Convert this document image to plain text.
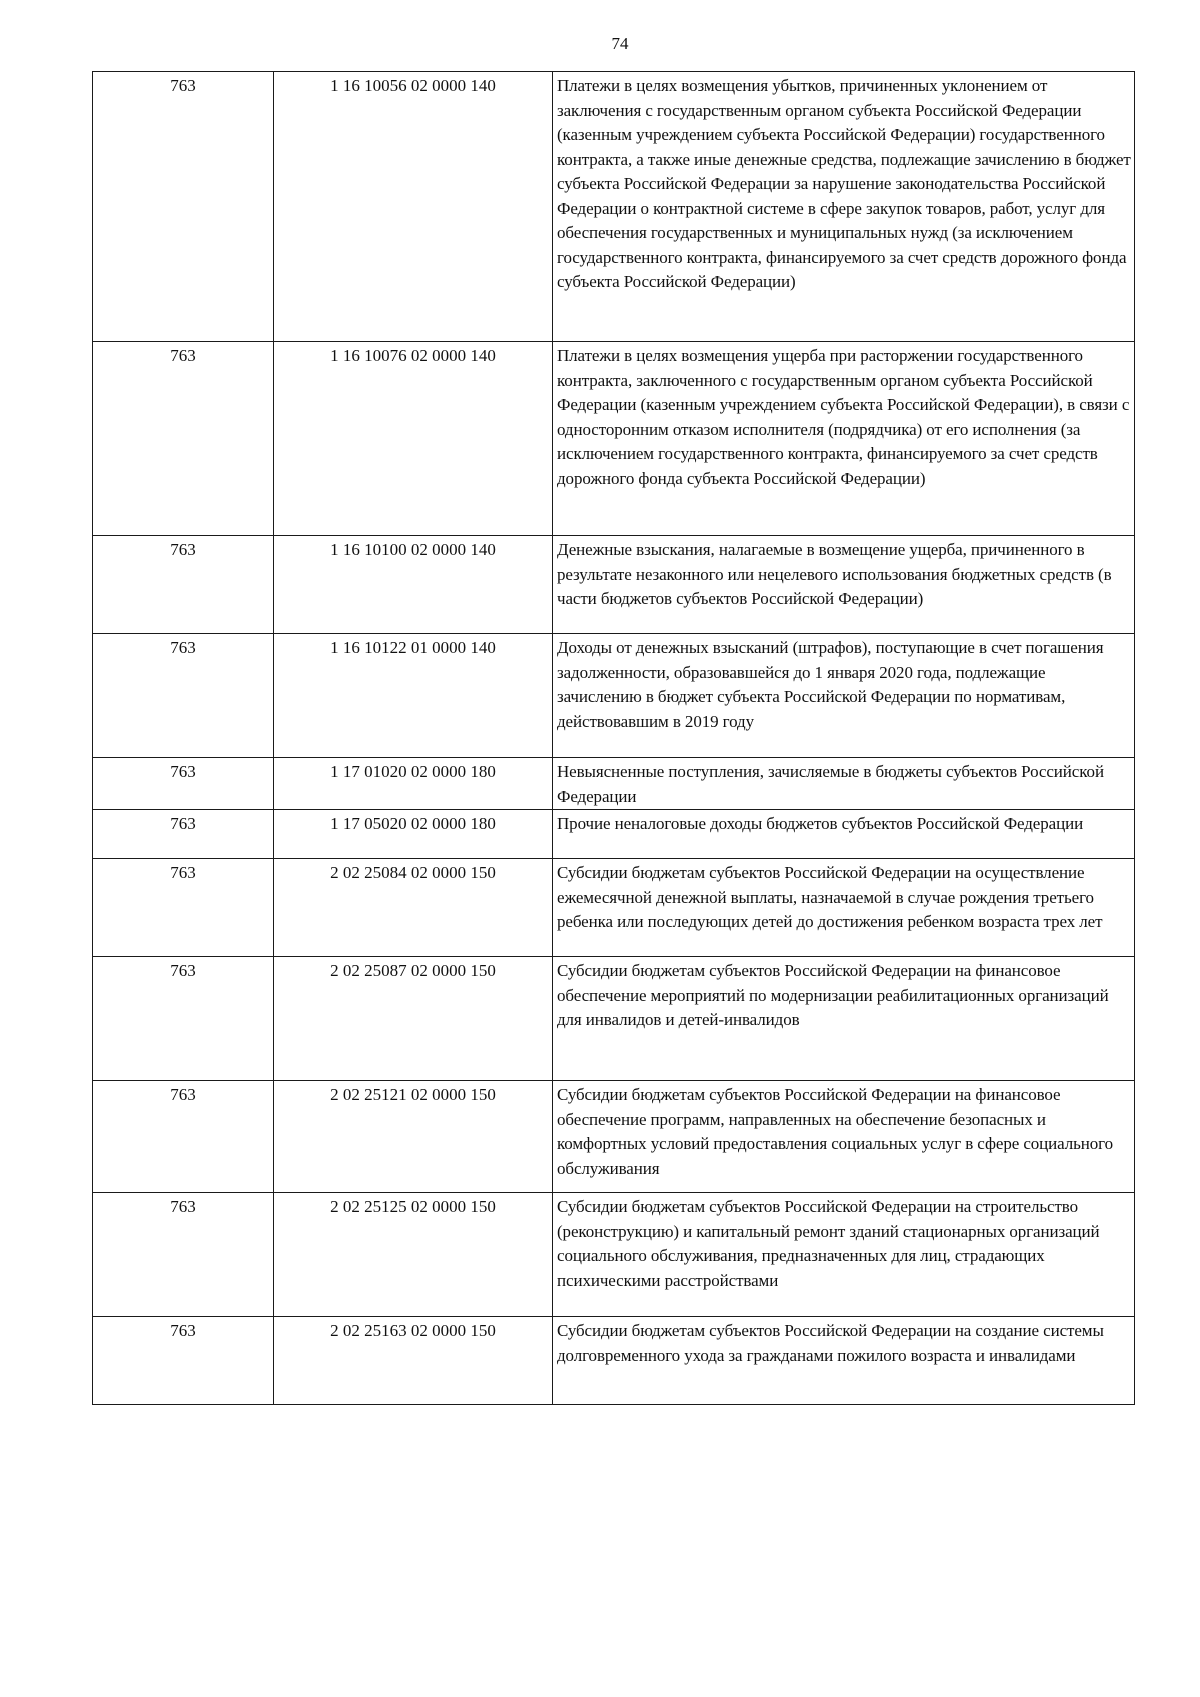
74
763	1 16 10056 02 0000 140	Платежи в целях возмещения убытков, причиненных уклонением от заключения с государственным органом субъекта Российской Федерации (казенным учреждением субъекта Российской Федерации) государственного контракта, а также иные денежные средства, подлежащие зачислению в бюджет субъекта Российской Федерации за нарушение законодательства Российской Федерации о контрактной системе в сфере закупок товаров, работ, услуг для обеспечения государственных и муниципальных нужд (за исключением государственного контракта, финансируемого за счет средств дорожного фонда субъекта Российской Федерации)
763	1 16 10076 02 0000 140	Платежи в целях возмещения ущерба при расторжении государственного контракта, заключенного с государственным органом субъекта Российской Федерации (казенным учреждением субъекта Российской Федерации), в связи с односторонним отказом исполнителя (подрядчика) от его исполнения (за исключением государственного контракта, финансируемого за счет средств дорожного фонда субъекта Российской Федерации)
763	1 16 10100 02 0000 140	Денежные взыскания, налагаемые в возмещение ущерба, причиненного в результате незаконного или нецелевого использования бюджетных средств (в части бюджетов субъектов Российской Федерации)
763	1 16 10122 01 0000 140	Доходы от денежных взысканий (штрафов), поступающие в счет погашения задолженности, образовавшейся до 1 января 2020 года, подлежащие зачислению в бюджет субъекта Российской Федерации по нормативам, действовавшим в 2019 году
763	1 17 01020 02 0000 180	Невыясненные поступления, зачисляемые в бюджеты субъектов Российской Федерации
763	1 17 05020 02 0000 180	Прочие неналоговые доходы бюджетов субъектов Российской Федерации
763	2 02 25084 02 0000 150	Субсидии бюджетам субъектов Российской Федерации на осуществление ежемесячной денежной выплаты, назначаемой в случае рождения третьего ребенка или последующих детей до достижения ребенком возраста трех лет
763	2 02 25087 02 0000 150	Субсидии бюджетам субъектов Российской Федерации на финансовое обеспечение мероприятий по модернизации реабилитационных организаций для инвалидов и детей-инвалидов
763	2 02 25121 02 0000 150	Субсидии бюджетам субъектов Российской Федерации на финансовое обеспечение программ, направленных на обеспечение безопасных и комфортных условий предоставления социальных услуг в сфере социального обслуживания
763	2 02 25125 02 0000 150	Субсидии бюджетам субъектов Российской Федерации на строительство (реконструкцию) и капитальный ремонт зданий стационарных организаций социального обслуживания, предназначенных для лиц, страдающих психическими расстройствами
763	2 02 25163 02 0000 150	Субсидии бюджетам субъектов Российской Федерации на создание системы долговременного ухода за гражданами пожилого возраста и инвалидами
